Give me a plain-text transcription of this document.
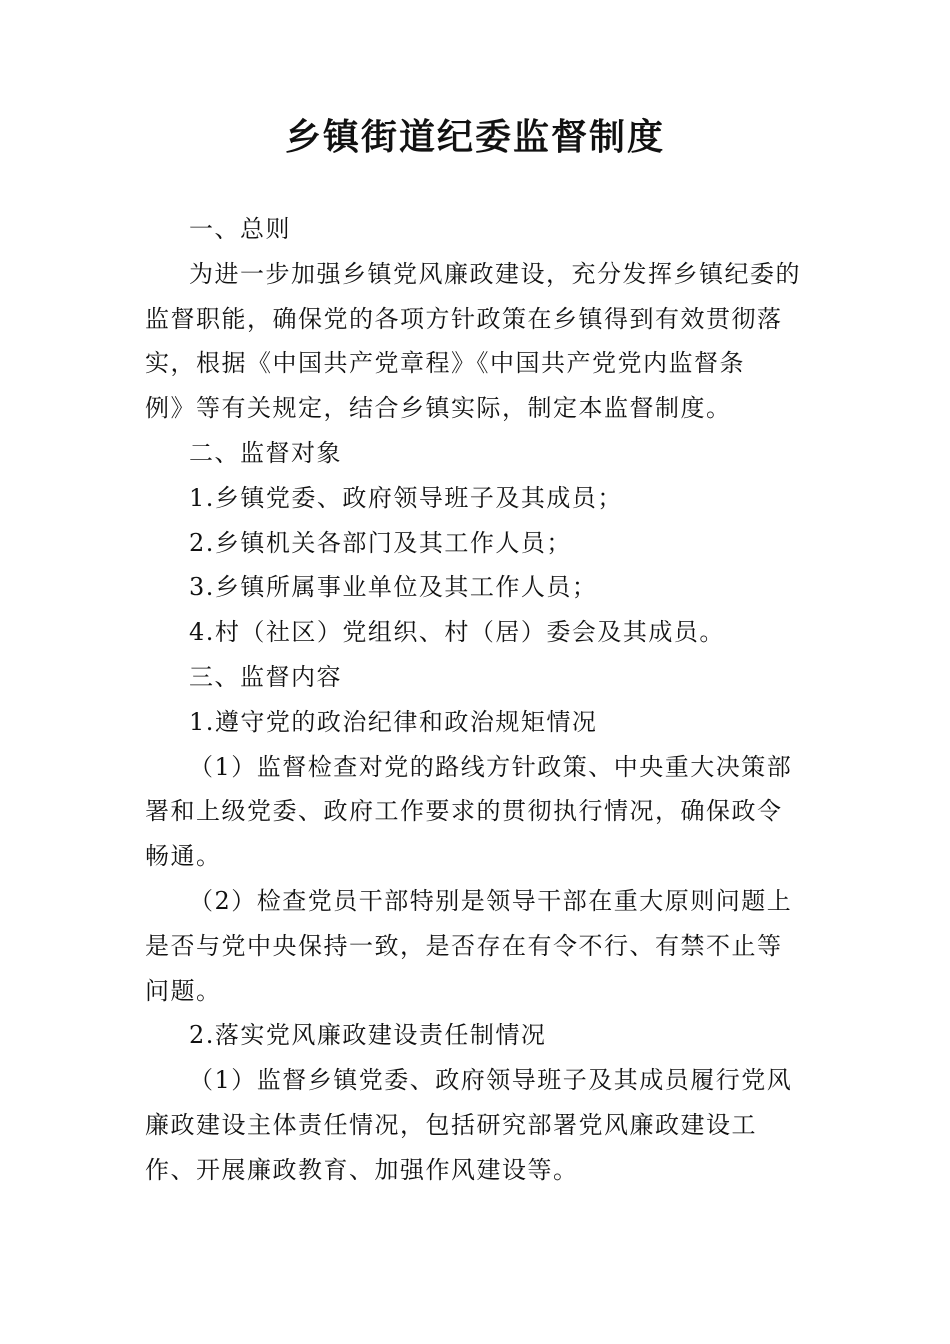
乡镇街道纪委监督制度

一、总则

为进一步加强乡镇党风廉政建设，充分发挥乡镇纪委的

监督职能，确保党的各项方针政策在乡镇得到有效贯彻落

实，根据《中国共产党章程》《中国共产党党内监督条

例》等有关规定，结合乡镇实际，制定本监督制度。

二、监督对象

1.乡镇党委、政府领导班子及其成员；

2.乡镇机关各部门及其工作人员；

3.乡镇所属事业单位及其工作人员；

4.村（社区）党组织、村（居）委会及其成员。

三、监督内容

1.遵守党的政治纪律和政治规矩情况

（1）监督检查对党的路线方针政策、中央重大决策部

署和上级党委、政府工作要求的贯彻执行情况，确保政令

畅通。

（2）检查党员干部特别是领导干部在重大原则问题上

是否与党中央保持一致，是否存在有令不行、有禁不止等

问题。

2.落实党风廉政建设责任制情况

（1）监督乡镇党委、政府领导班子及其成员履行党风

廉政建设主体责任情况，包括研究部署党风廉政建设工

作、开展廉政教育、加强作风建设等。
